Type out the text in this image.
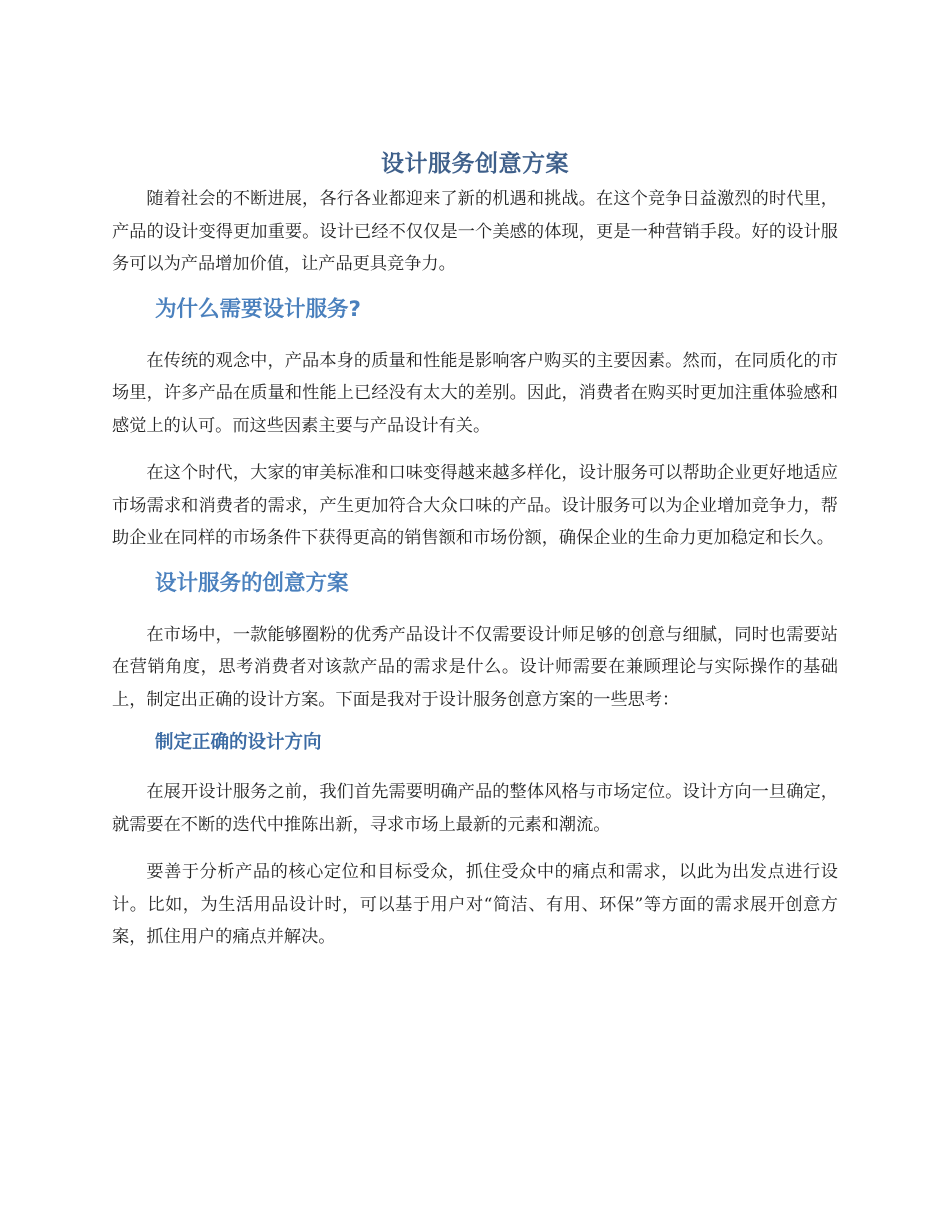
设计服务创意方案

随着社会的不断进展，各行各业都迎来了新的机遇和挑战。在这个竞争日益激烈的时代里，产品的设计变得更加重要。设计已经不仅仅是一个美感的体现，更是一种营销手段。好的设计服务可以为产品增加价值，让产品更具竞争力。

为什么需要设计服务?

在传统的观念中，产品本身的质量和性能是影响客户购买的主要因素。然而，在同质化的市场里，许多产品在质量和性能上已经没有太大的差别。因此，消费者在购买时更加注重体验感和感觉上的认可。而这些因素主要与产品设计有关。

在这个时代，大家的审美标准和口味变得越来越多样化，设计服务可以帮助企业更好地适应市场需求和消费者的需求，产生更加符合大众口味的产品。设计服务可以为企业增加竞争力，帮助企业在同样的市场条件下获得更高的销售额和市场份额，确保企业的生命力更加稳定和长久。

设计服务的创意方案

在市场中，一款能够圈粉的优秀产品设计不仅需要设计师足够的创意与细腻，同时也需要站在营销角度，思考消费者对该款产品的需求是什么。设计师需要在兼顾理论与实际操作的基础上，制定出正确的设计方案。下面是我对于设计服务创意方案的一些思考：

制定正确的设计方向

在展开设计服务之前，我们首先需要明确产品的整体风格与市场定位。设计方向一旦确定，就需要在不断的迭代中推陈出新，寻求市场上最新的元素和潮流。

要善于分析产品的核心定位和目标受众，抓住受众中的痛点和需求，以此为出发点进行设计。比如，为生活用品设计时，可以基于用户对“简洁、有用、环保”等方面的需求展开创意方案，抓住用户的痛点并解决。
